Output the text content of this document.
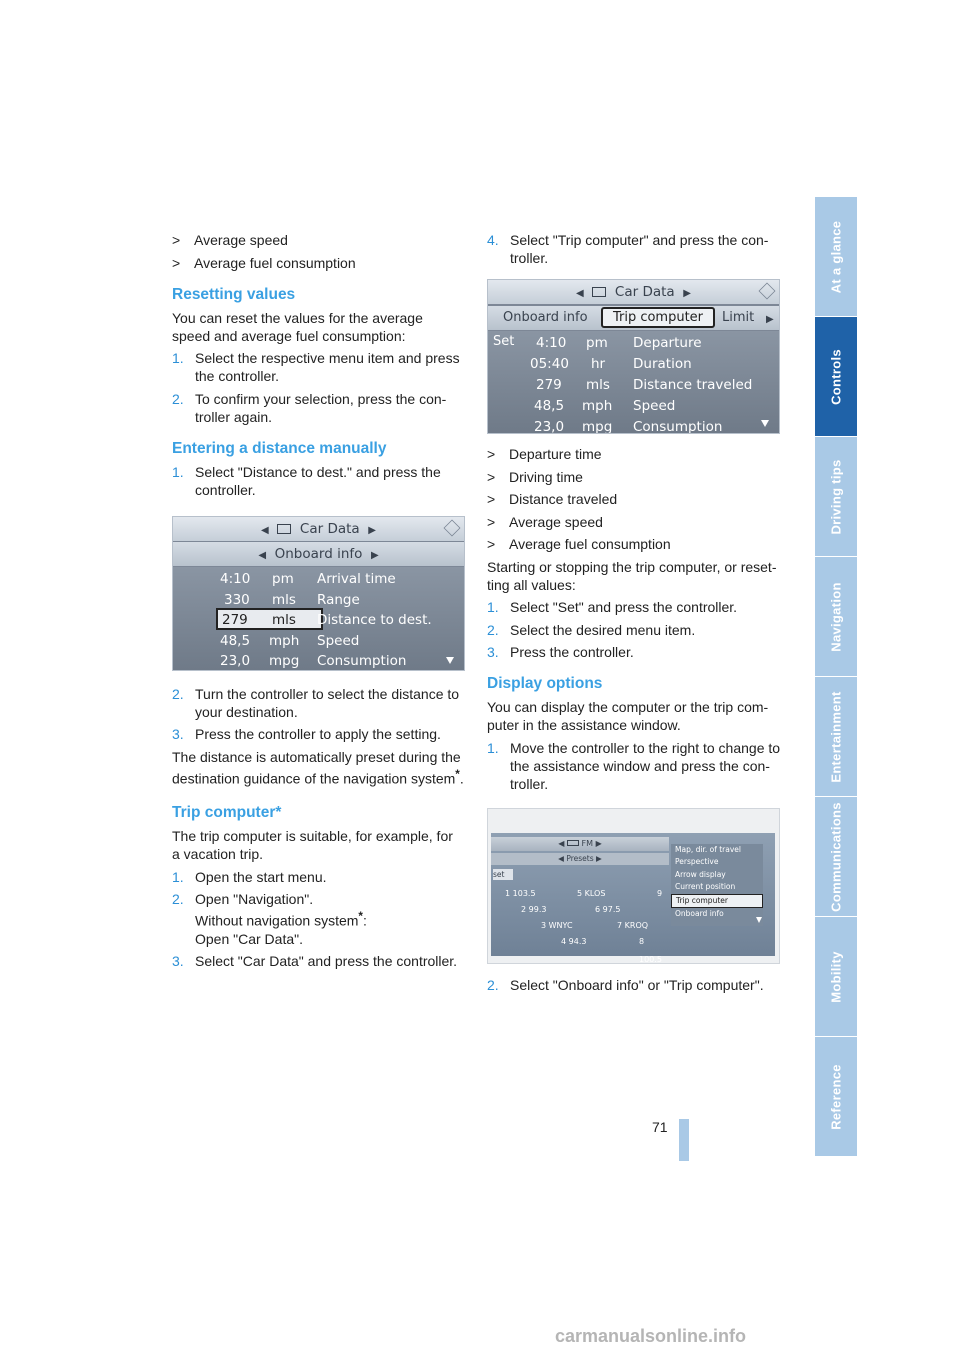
> Average speed
> Average fuel consumption
Resetting values

You can reset the values for the average speed and average fuel consumption:

1. Select the respective menu item and press the controller.
2. To confirm your selection, press the controller again.
Entering a distance manually
1. Select "Distance to dest." and press the controller.
◀ Car Data ▶
◀ Onboard info ▶
4:10 pm Arrival time
330 mls Range
279 mls Distance to dest.
48,5 mph Speed
23,0 mpg Consumption
2. Turn the controller to select the distance to your destination.
3. Press the controller to apply the setting.

The distance is automatically preset during the destination guidance of the navigation system*.

Trip computer*

The trip computer is suitable, for example, for a vacation trip.

1. Open the start menu.
2. Open "Navigation".
Without navigation system*:
Open "Car Data".
3. Select "Car Data" and press the controller.
4. Select "Trip computer" and press the controller.
◀ Car Data ▶
Onboard info	Trip computer	Limit ▶
Set 4:10 pm Departure
05:40 hr Duration
279 mls Distance traveled
48,5 mph Speed
23,0 mpg Consumption
> Departure time
> Driving time
> Distance traveled
> Average speed
> Average fuel consumption

Starting or stopping the trip computer, or resetting all values:

1. Select "Set" and press the controller.
2. Select the desired menu item.
3. Press the controller.
Display options

You can display the computer or the trip computer in the assistance window.

1. Move the controller to the right to change to the assistance window and press the controller.
◀ FM ▶
◀ Presets ▶
set
1 103.5	5 KLOS	9
2 99.3	6 97.5
3 WNYC	7 KROQ
4 94.3	8 100.5
Map, dir. of travel
Perspective
Arrow display
Current position
Trip computer
Onboard info
2. Select "Onboard info" or "Trip computer".
At a glance
Controls
Driving tips
Navigation
Entertainment
Communications
Mobility
Reference
71
carmanualsonline.info
